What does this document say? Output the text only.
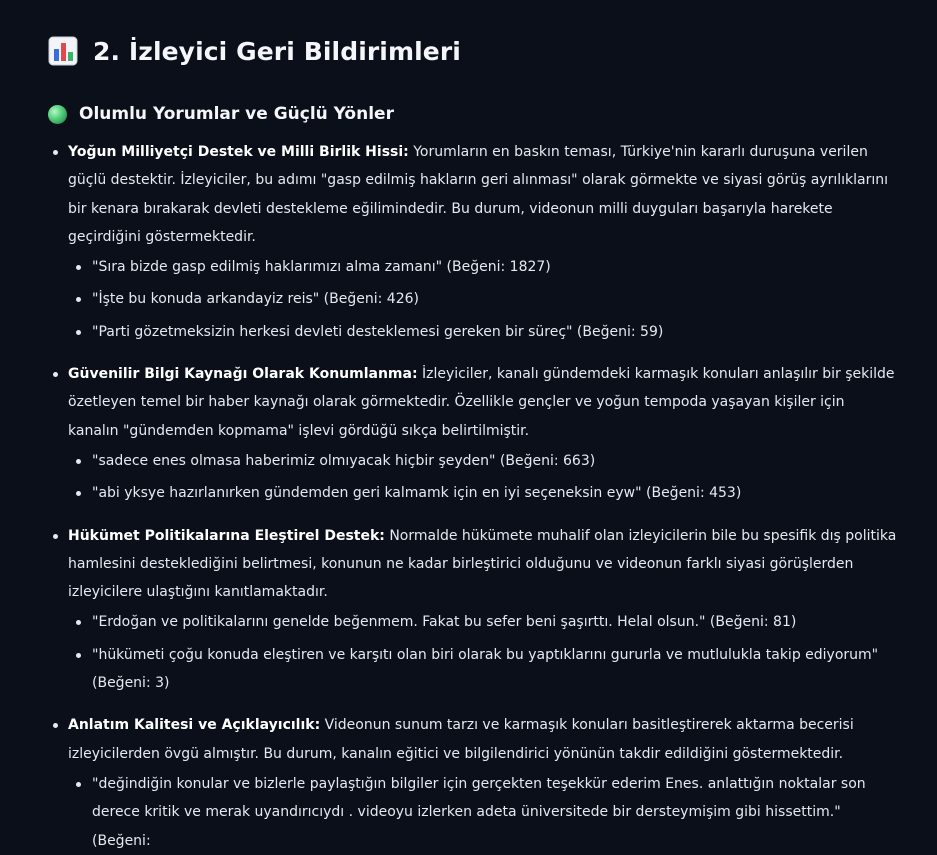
2. İzleyici Geri Bildirimleri
Olumlu Yorumlar ve Güçlü Yönler
Yoğun Milliyetçi Destek ve Milli Birlik Hissi: Yorumların en baskın teması, Türkiye'nin kararlı duruşuna verilen güçlü destektir. İzleyiciler, bu adımı "gasp edilmiş hakların geri alınması" olarak görmekte ve siyasi görüş ayrılıklarını bir kenara bırakarak devleti destekleme eğilimindedir. Bu durum, videonun milli duyguları başarıyla harekete geçirdiğini göstermektedir.
"Sıra bizde gasp edilmiş haklarımızı alma zamanı" (Beğeni: 1827)
"İşte bu konuda arkandayiz reis" (Beğeni: 426)
"Parti gözetmeksizin herkesi devleti desteklemesi gereken bir süreç" (Beğeni: 59)
Güvenilir Bilgi Kaynağı Olarak Konumlanma: İzleyiciler, kanalı gündemdeki karmaşık konuları anlaşılır bir şekilde özetleyen temel bir haber kaynağı olarak görmektedir. Özellikle gençler ve yoğun tempoda yaşayan kişiler için kanalın "gündemden kopmama" işlevi gördüğü sıkça belirtilmiştir.
"sadece enes olmasa haberimiz olmıyacak hiçbir şeyden" (Beğeni: 663)
"abi yksye hazırlanırken gündemden geri kalmamk için en iyi seçeneksin eyw" (Beğeni: 453)
Hükümet Politikalarına Eleştirel Destek: Normalde hükümete muhalif olan izleyicilerin bile bu spesifik dış politika hamlesini desteklediğini belirtmesi, konunun ne kadar birleştirici olduğunu ve videonun farklı siyasi görüşlerden izleyicilere ulaştığını kanıtlamaktadır.
"Erdoğan ve politikalarını genelde beğenmem. Fakat bu sefer beni şaşırttı. Helal olsun." (Beğeni: 81)
"hükümeti çoğu konuda eleştiren ve karşıtı olan biri olarak bu yaptıklarını gururla ve mutlulukla takip ediyorum" (Beğeni: 3)
Anlatım Kalitesi ve Açıklayıcılık: Videonun sunum tarzı ve karmaşık konuları basitleştirerek aktarma becerisi izleyicilerden övgü almıştır. Bu durum, kanalın eğitici ve bilgilendirici yönünün takdir edildiğini göstermektedir.
"değindiğin konular ve bizlerle paylaştığın bilgiler için gerçekten teşekkür ederim Enes. anlattığın noktalar son derece kritik ve merak uyandırıcıydı . videoyu izlerken adeta üniversitede bir dersteymişim gibi hissettim." (Beğeni:
